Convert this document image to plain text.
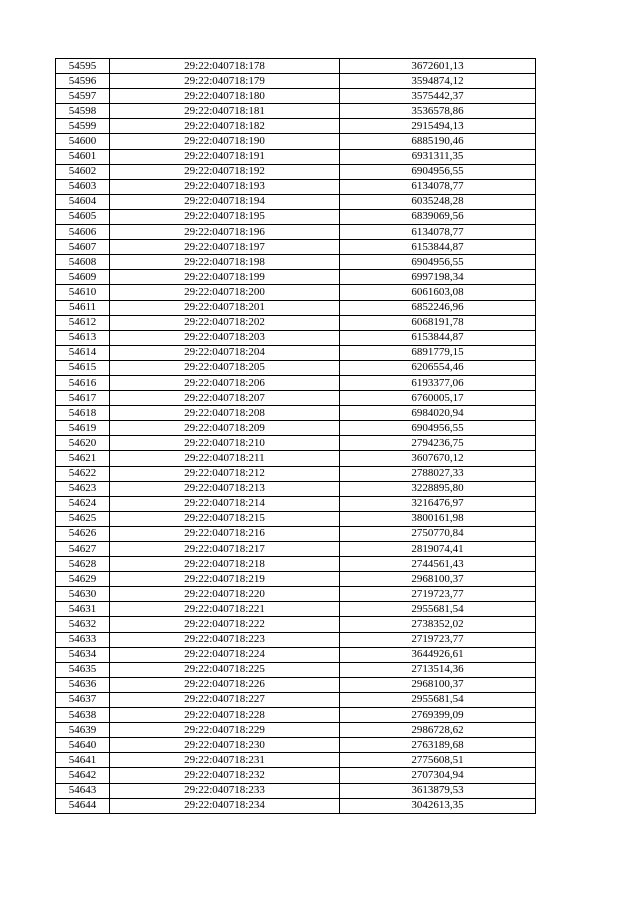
54595	29:22:040718:178	3672601,13
54596	29:22:040718:179	3594874,12
54597	29:22:040718:180	3575442,37
54598	29:22:040718:181	3536578,86
54599	29:22:040718:182	2915494,13
54600	29:22:040718:190	6885190,46
54601	29:22:040718:191	6931311,35
54602	29:22:040718:192	6904956,55
54603	29:22:040718:193	6134078,77
54604	29:22:040718:194	6035248,28
54605	29:22:040718:195	6839069,56
54606	29:22:040718:196	6134078,77
54607	29:22:040718:197	6153844,87
54608	29:22:040718:198	6904956,55
54609	29:22:040718:199	6997198,34
54610	29:22:040718:200	6061603,08
54611	29:22:040718:201	6852246,96
54612	29:22:040718:202	6068191,78
54613	29:22:040718:203	6153844,87
54614	29:22:040718:204	6891779,15
54615	29:22:040718:205	6206554,46
54616	29:22:040718:206	6193377,06
54617	29:22:040718:207	6760005,17
54618	29:22:040718:208	6984020,94
54619	29:22:040718:209	6904956,55
54620	29:22:040718:210	2794236,75
54621	29:22:040718:211	3607670,12
54622	29:22:040718:212	2788027,33
54623	29:22:040718:213	3228895,80
54624	29:22:040718:214	3216476,97
54625	29:22:040718:215	3800161,98
54626	29:22:040718:216	2750770,84
54627	29:22:040718:217	2819074,41
54628	29:22:040718:218	2744561,43
54629	29:22:040718:219	2968100,37
54630	29:22:040718:220	2719723,77
54631	29:22:040718:221	2955681,54
54632	29:22:040718:222	2738352,02
54633	29:22:040718:223	2719723,77
54634	29:22:040718:224	3644926,61
54635	29:22:040718:225	2713514,36
54636	29:22:040718:226	2968100,37
54637	29:22:040718:227	2955681,54
54638	29:22:040718:228	2769399,09
54639	29:22:040718:229	2986728,62
54640	29:22:040718:230	2763189,68
54641	29:22:040718:231	2775608,51
54642	29:22:040718:232	2707304,94
54643	29:22:040718:233	3613879,53
54644	29:22:040718:234	3042613,35
